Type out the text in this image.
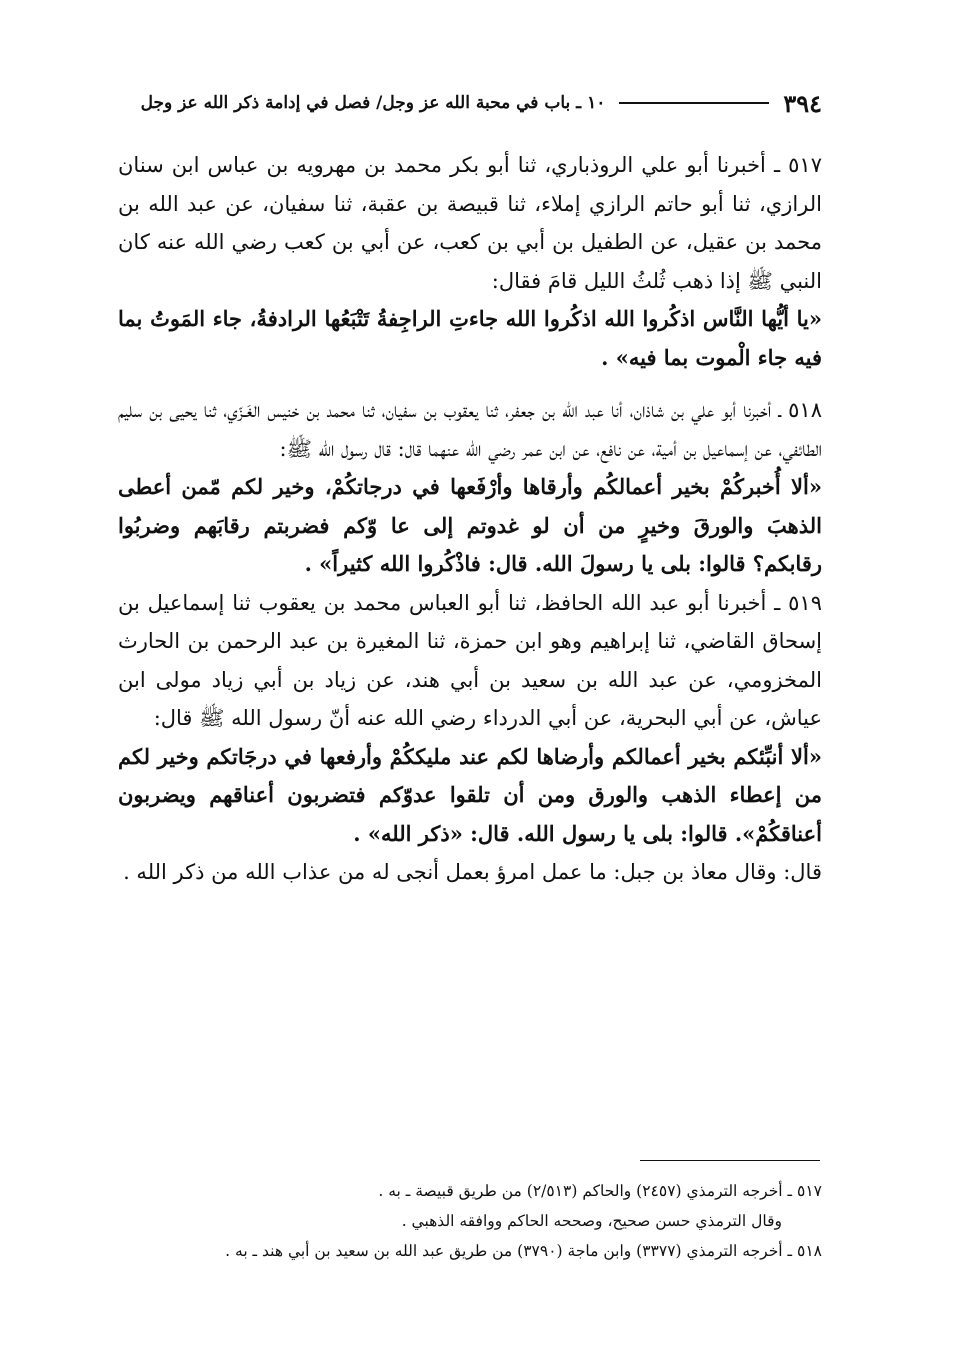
٣٩٤
١٠ ـ باب في محبة الله عز وجل/ فصل في إدامة ذكر الله عز وجل

٥١٧ ـ أخبرنا أبو علي الروذباري، ثنا أبو بكر محمد بن مهرويه بن عباس ابن سنان الرازي، ثنا أبو حاتم الرازي إملاء، ثنا قبيصة بن عقبة، ثنا سفيان، عن عبد الله بن محمد بن عقيل، عن الطفيل بن أبي بن كعب، عن أبي بن كعب رضي الله عنه كان النبي ﷺ إذا ذهب ثُلثُ الليل قامَ فقال:

«يا أيُّها النَّاس اذكُروا الله اذكُروا الله جاءتِ الراجِفةُ تَتْبَعُها الرادفةُ، جاء المَوتُ بما فيه جاء الْموت بما فيه» .

٥١٨ ـ أخبرنا أبو علي بن شاذان، أنا عبد الله بن جعفر، ثنا يعقوب بن سفيان، ثنا محمد بن خنيس الغَـزّي، ثنا يحيى بن سليم الطائفي، عن إسماعيل بن أمية، عن نافع، عن ابن عمر رضي الله عنهما قال: قال رسول الله ﷺ:

«ألا أُخبركُمْ بخير أعمالكُم وأرقاها وأرْفَعها في درجاتكُمْ، وخير لكم مّمن أعطى الذهبَ والورقَ وخيرٍ من أن لو غدوتم إلى عا وّكم فضربتم رقابَهم وضربُوا رقابكم؟ قالوا: بلى يا رسولَ الله. قال: فاذْكُروا الله كثيراً» .

٥١٩ ـ أخبرنا أبو عبد الله الحافظ، ثنا أبو العباس محمد بن يعقوب ثنا إسماعيل بن إسحاق القاضي، ثنا إبراهيم وهو ابن حمزة، ثنا المغيرة بن عبد الرحمن بن الحارث المخزومي، عن عبد الله بن سعيد بن أبي هند، عن زياد بن أبي زياد مولى ابن عياش، عن أبي البحرية، عن أبي الدرداء رضي الله عنه أنّ رسول الله ﷺ قال:

«ألا أنبِّئكم بخير أعمالكم وأرضاها لكم عند مليككُمْ وأرفعها في درجَاتكم وخير لكم من إعطاء الذهب والورق ومن أن تلقوا عدوّكم فتضربون أعناقهم ويضربون أعناقكُمْ». قالوا: بلى يا رسول الله. قال: «ذكر الله» .

قال: وقال معاذ بن جبل: ما عمل امرؤ بعمل أنجى له من عذاب الله من ذكر الله .

٥١٧ ـ أخرجه الترمذي (٢٤٥٧) والحاكم (٢/٥١٣) من طريق قبيصة ـ به .

وقال الترمذي حسن صحيح، وصححه الحاكم ووافقه الذهبي .

٥١٨ ـ أخرجه الترمذي (٣٣٧٧) وابن ماجة (٣٧٩٠) من طريق عبد الله بن سعيد بن أبي هند ـ به .
